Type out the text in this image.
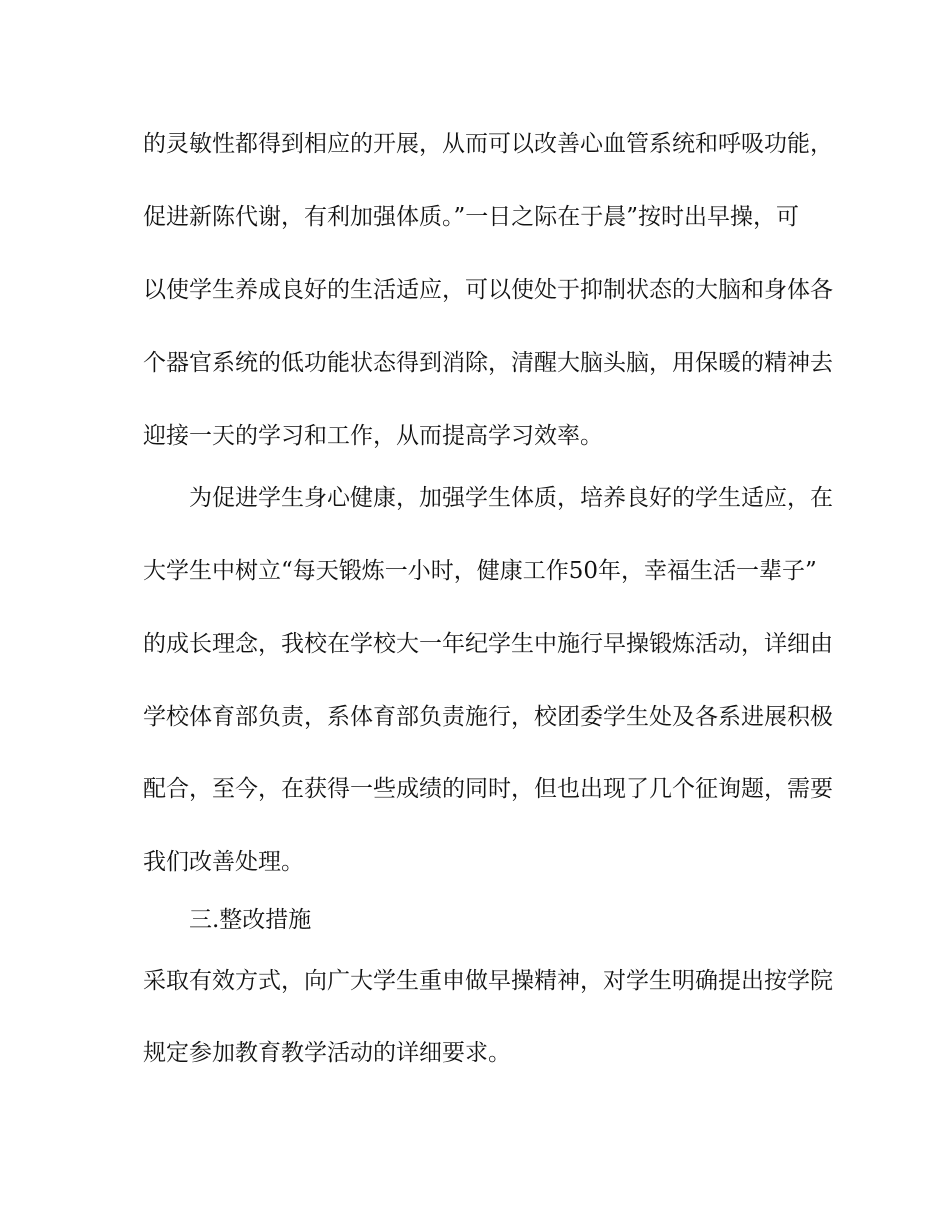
的灵敏性都得到相应的开展，从而可以改善心血管系统和呼吸功能，
促进新陈代谢，有利加强体质。”一日之际在于晨”按时出早操，可
以使学生养成良好的生活适应，可以使处于抑制状态的大脑和身体各
个器官系统的低功能状态得到消除，清醒大脑头脑，用保暖的精神去
迎接一天的学习和工作，从而提高学习效率。
为促进学生身心健康，加强学生体质，培养良好的学生适应，在
大学生中树立“每天锻炼一小时，健康工作50年，幸福生活一辈子”
的成长理念，我校在学校大一年纪学生中施行早操锻炼活动，详细由
学校体育部负责，系体育部负责施行，校团委学生处及各系进展积极
配合，至今，在获得一些成绩的同时，但也出现了几个征询题，需要
我们改善处理。
三.整改措施
采取有效方式，向广大学生重申做早操精神，对学生明确提出按学院
规定参加教育教学活动的详细要求。
